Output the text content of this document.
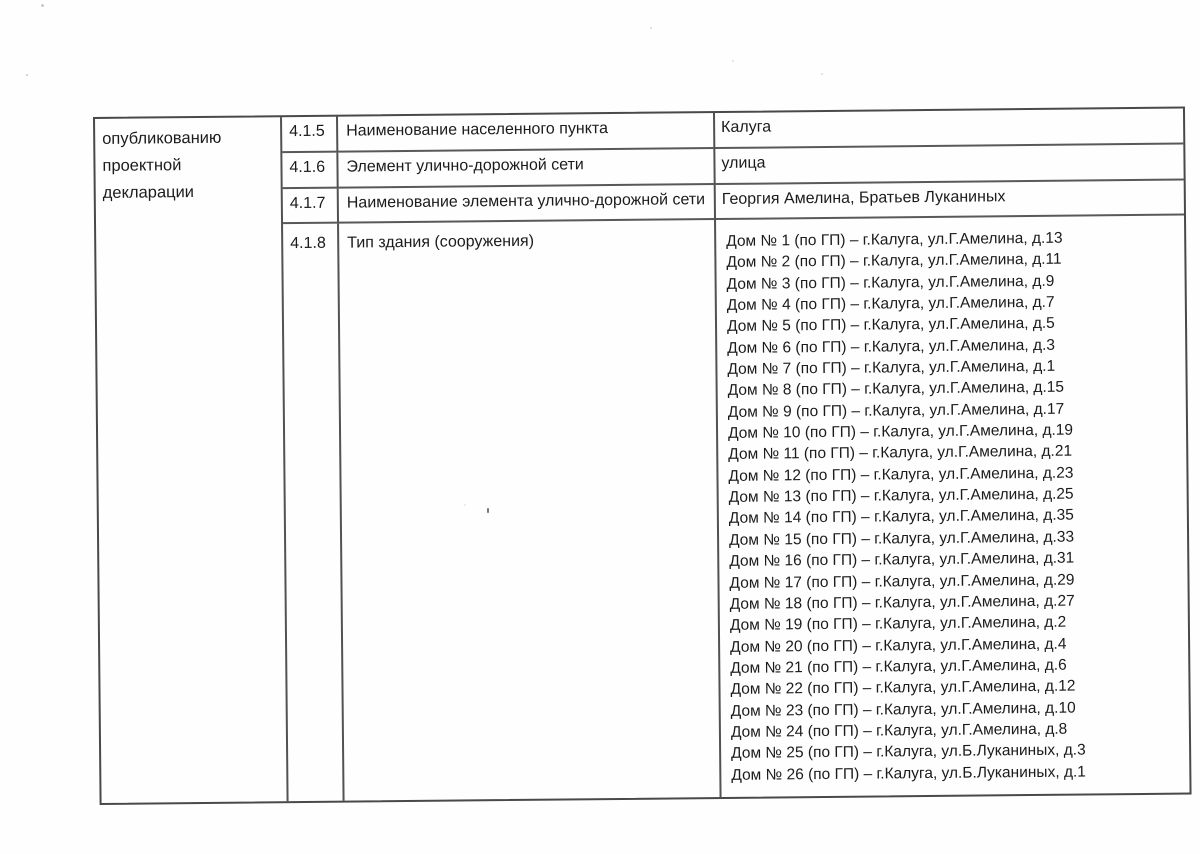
опубликованию
проектной декларации
4.1.5	Наименование населенного пункта	Калуга
4.1.6	Элемент улично-дорожной сети	улица
4.1.7	Наименование элемента улично-дорожной сети	Георгия Амелина, Братьев Луканиных
4.1.8	Тип здания (сооружения)	Дом № 1 (по ГП) – г.Калуга, ул.Г.Амелина, д.13
Дом № 2 (по ГП) – г.Калуга, ул.Г.Амелина, д.11
Дом № 3 (по ГП) – г.Калуга, ул.Г.Амелина, д.9
Дом № 4 (по ГП) – г.Калуга, ул.Г.Амелина, д.7
Дом № 5 (по ГП) – г.Калуга, ул.Г.Амелина, д.5
Дом № 6 (по ГП) – г.Калуга, ул.Г.Амелина, д.3
Дом № 7 (по ГП) – г.Калуга, ул.Г.Амелина, д.1
Дом № 8 (по ГП) – г.Калуга, ул.Г.Амелина, д.15
Дом № 9 (по ГП) – г.Калуга, ул.Г.Амелина, д.17
Дом № 10 (по ГП) – г.Калуга, ул.Г.Амелина, д.19
Дом № 11 (по ГП) – г.Калуга, ул.Г.Амелина, д.21
Дом № 12 (по ГП) – г.Калуга, ул.Г.Амелина, д.23
Дом № 13 (по ГП) – г.Калуга, ул.Г.Амелина, д.25
Дом № 14 (по ГП) – г.Калуга, ул.Г.Амелина, д.35
Дом № 15 (по ГП) – г.Калуга, ул.Г.Амелина, д.33
Дом № 16 (по ГП) – г.Калуга, ул.Г.Амелина, д.31
Дом № 17 (по ГП) – г.Калуга, ул.Г.Амелина, д.29
Дом № 18 (по ГП) – г.Калуга, ул.Г.Амелина, д.27
Дом № 19 (по ГП) – г.Калуга, ул.Г.Амелина, д.2
Дом № 20 (по ГП) – г.Калуга, ул.Г.Амелина, д.4
Дом № 21 (по ГП) – г.Калуга, ул.Г.Амелина, д.6
Дом № 22 (по ГП) – г.Калуга, ул.Г.Амелина, д.12
Дом № 23 (по ГП) – г.Калуга, ул.Г.Амелина, д.10
Дом № 24 (по ГП) – г.Калуга, ул.Г.Амелина, д.8
Дом № 25 (по ГП) – г.Калуга, ул.Б.Луканиных, д.3
Дом № 26 (по ГП) – г.Калуга, ул.Б.Луканиных, д.1
